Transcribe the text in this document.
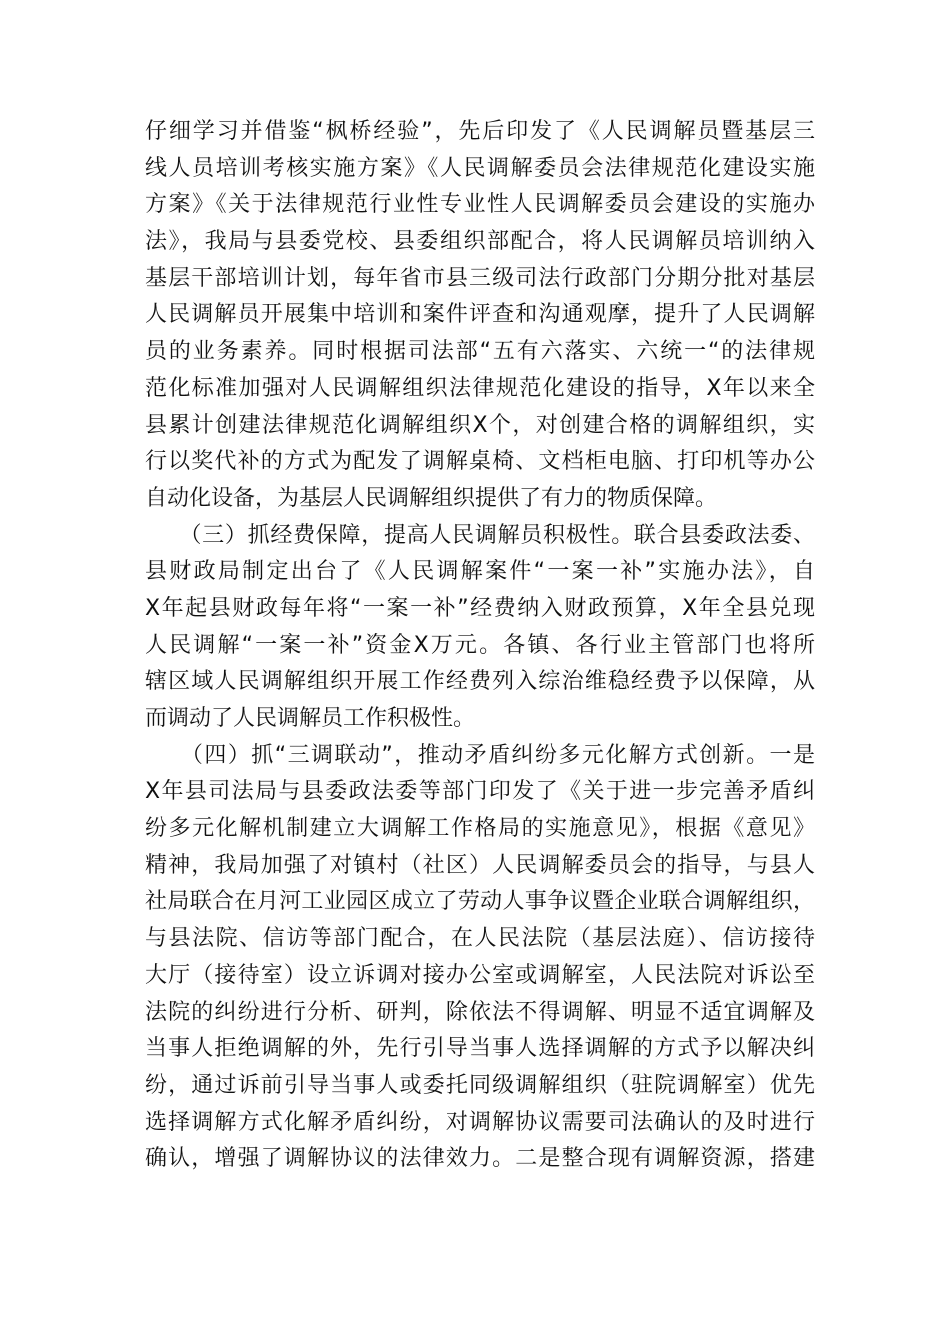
仔细学习并借鉴“枫桥经验”，先后印发了《人民调解员暨基层三
线人员培训考核实施方案》《人民调解委员会法律规范化建设实施
方案》《关于法律规范行业性专业性人民调解委员会建设的实施办
法》，我局与县委党校、县委组织部配合，将人民调解员培训纳入
基层干部培训计划，每年省市县三级司法行政部门分期分批对基层
人民调解员开展集中培训和案件评查和沟通观摩，提升了人民调解
员的业务素养。同时根据司法部“五有六落实、六统一“的法律规
范化标准加强对人民调解组织法律规范化建设的指导，X年以来全
县累计创建法律规范化调解组织X个，对创建合格的调解组织，实
行以奖代补的方式为配发了调解桌椅、文档柜电脑、打印机等办公
自动化设备，为基层人民调解组织提供了有力的物质保障。
　　（三）抓经费保障，提高人民调解员积极性。联合县委政法委、
县财政局制定出台了《人民调解案件“一案一补”实施办法》，自
X年起县财政每年将“一案一补”经费纳入财政预算，X年全县兑现
人民调解“一案一补”资金X万元。各镇、各行业主管部门也将所
辖区域人民调解组织开展工作经费列入综治维稳经费予以保障，从
而调动了人民调解员工作积极性。
　　（四）抓“三调联动”，推动矛盾纠纷多元化解方式创新。一是
X年县司法局与县委政法委等部门印发了《关于进一步完善矛盾纠
纷多元化解机制建立大调解工作格局的实施意见》，根据《意见》
精神，我局加强了对镇村（社区）人民调解委员会的指导，与县人
社局联合在月河工业园区成立了劳动人事争议暨企业联合调解组织，
与县法院、信访等部门配合，在人民法院（基层法庭）、信访接待
大厅（接待室）设立诉调对接办公室或调解室，人民法院对诉讼至
法院的纠纷进行分析、研判，除依法不得调解、明显不适宜调解及
当事人拒绝调解的外，先行引导当事人选择调解的方式予以解决纠
纷，通过诉前引导当事人或委托同级调解组织（驻院调解室）优先
选择调解方式化解矛盾纠纷，对调解协议需要司法确认的及时进行
确认，增强了调解协议的法律效力。二是整合现有调解资源，搭建
